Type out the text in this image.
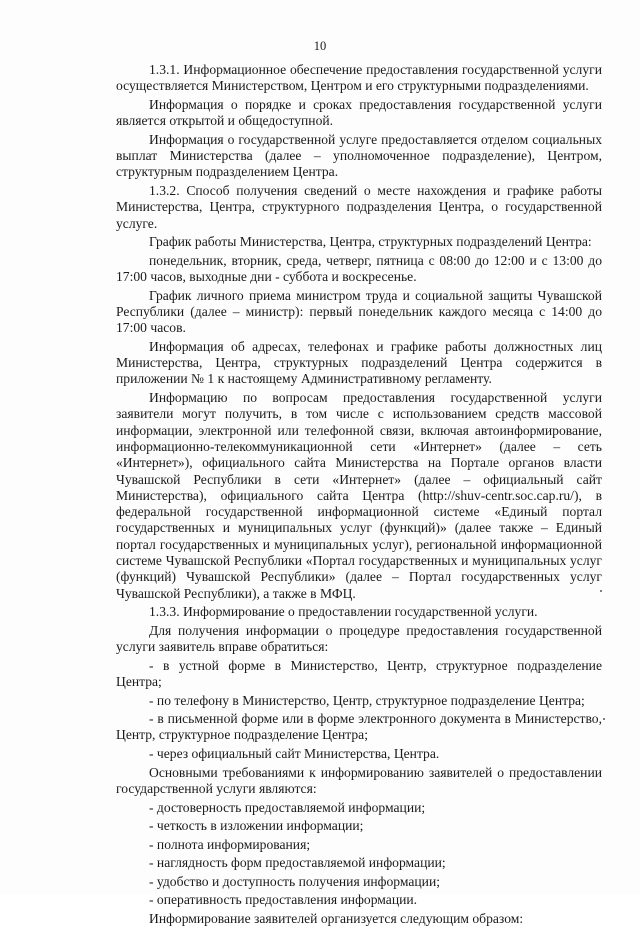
10

1.3.1. Информационное обеспечение предоставления государственной услуги осуществляется Министерством, Центром и его структурными подразделениями.

Информация о порядке и сроках предоставления государственной услуги является открытой и общедоступной.

Информация о государственной услуге предоставляется отделом социальных выплат Министерства (далее – уполномоченное подразделение), Центром, структурным подразделением Центра.

1.3.2. Способ получения сведений о месте нахождения и графике работы Министерства, Центра, структурного подразделения Центра, о государственной услуге.

График работы Министерства, Центра, структурных подразделений Центра:

понедельник, вторник, среда, четверг, пятница с 08:00 до 12:00 и с 13:00 до 17:00 часов, выходные дни - суббота и воскресенье.

График личного приема министром труда и социальной защиты Чувашской Республики (далее – министр): первый понедельник каждого месяца с 14:00 до 17:00 часов.

Информация об адресах, телефонах и графике работы должностных лиц Министерства, Центра, структурных подразделений Центра содержится в приложении № 1 к настоящему Административному регламенту.

Информацию по вопросам предоставления государственной услуги заявители могут получить, в том числе с использованием средств массовой информации, электронной или телефонной связи, включая автоинформирование, информационно-телекоммуникационной сети «Интернет» (далее – сеть «Интернет»), официального сайта Министерства на Портале органов власти Чувашской Республики в сети «Интернет» (далее – официальный сайт Министерства), официального сайта Центра (http://shuv-centr.soc.cap.ru/), в федеральной государственной информационной системе «Единый портал государственных и муниципальных услуг (функций)» (далее также – Единый портал государственных и муниципальных услуг), региональной информационной системе Чувашской Республики «Портал государственных и муниципальных услуг (функций) Чувашской Республики» (далее – Портал государственных услуг Чувашской Республики), а также в МФЦ.

1.3.3. Информирование о предоставлении государственной услуги.

Для получения информации о процедуре предоставления государственной услуги заявитель вправе обратиться:

- в устной форме в Министерство, Центр, структурное подразделение Центра;

- по телефону в Министерство, Центр, структурное подразделение Центра;

- в письменной форме или в форме электронного документа в Министерство, Центр, структурное подразделение Центра;

- через официальный сайт Министерства, Центра.

Основными требованиями к информированию заявителей о предоставлении государственной услуги являются:

- достоверность предоставляемой информации;

- четкость в изложении информации;

- полнота информирования;

- наглядность форм предоставляемой информации;

- удобство и доступность получения информации;

- оперативность предоставления информации.

Информирование заявителей организуется следующим образом:
